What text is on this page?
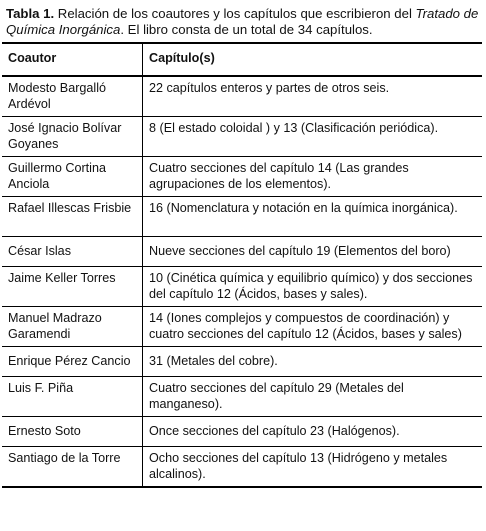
Tabla 1. Relación de los coautores y los capítulos que escribieron del Tratado de Química Inorgánica. El libro consta de un total de 34 capítulos.
Coautor	Capítulo(s)
Modesto Bargalló Ardévol	22 capítulos enteros y partes de otros seis.
José Ignacio Bolívar Goyanes	8 (El estado coloidal ) y 13 (Clasificación periódica).
Guillermo Cortina Anciola	Cuatro secciones del capítulo 14 (Las grandes agrupaciones de los elementos).
Rafael Illescas Frisbie	16 (Nomenclatura y notación en la química inorgánica).
César Islas	Nueve secciones del capítulo 19 (Elementos del boro)
Jaime Keller Torres	10 (Cinética química y equilibrio químico) y dos secciones del capítulo 12 (Ácidos, bases y sales).
Manuel Madrazo Garamendi	14 (Iones complejos y compuestos de coordinación) y cuatro secciones del capítulo 12 (Ácidos, bases y sales)
Enrique Pérez Cancio	31 (Metales del cobre).
Luis F. Piña	Cuatro secciones del capítulo 29 (Metales del manganeso).
Ernesto Soto	Once secciones del capítulo 23 (Halógenos).
Santiago de la Torre	Ocho secciones del capítulo 13 (Hidrógeno y metales alcalinos).
